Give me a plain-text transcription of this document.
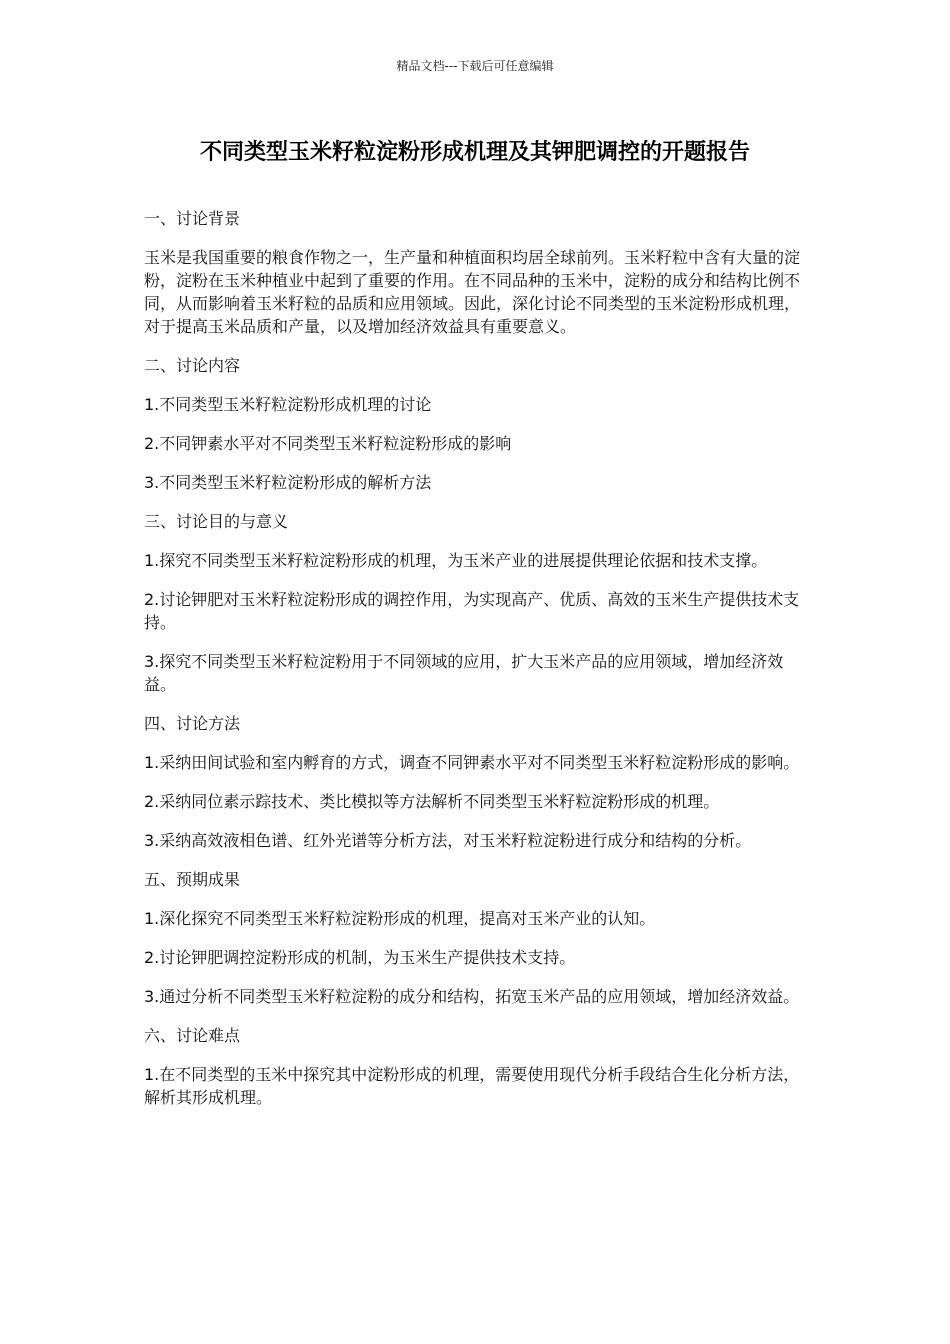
精品文档---下载后可任意编辑
不同类型玉米籽粒淀粉形成机理及其钾肥调控的开题报告

一、讨论背景

玉米是我国重要的粮食作物之一，生产量和种植面积均居全球前列。玉米籽粒中含有大量的淀粉，淀粉在玉米种植业中起到了重要的作用。在不同品种的玉米中，淀粉的成分和结构比例不同，从而影响着玉米籽粒的品质和应用领域。因此，深化讨论不同类型的玉米淀粉形成机理，对于提高玉米品质和产量，以及增加经济效益具有重要意义。

二、讨论内容

1.不同类型玉米籽粒淀粉形成机理的讨论

2.不同钾素水平对不同类型玉米籽粒淀粉形成的影响

3.不同类型玉米籽粒淀粉形成的解析方法

三、讨论目的与意义

1.探究不同类型玉米籽粒淀粉形成的机理，为玉米产业的进展提供理论依据和技术支撑。

2.讨论钾肥对玉米籽粒淀粉形成的调控作用，为实现高产、优质、高效的玉米生产提供技术支持。

3.探究不同类型玉米籽粒淀粉用于不同领域的应用，扩大玉米产品的应用领域，增加经济效益。

四、讨论方法

1.采纳田间试验和室内孵育的方式，调查不同钾素水平对不同类型玉米籽粒淀粉形成的影响。

2.采纳同位素示踪技术、类比模拟等方法解析不同类型玉米籽粒淀粉形成的机理。

3.采纳高效液相色谱、红外光谱等分析方法，对玉米籽粒淀粉进行成分和结构的分析。

五、预期成果

1.深化探究不同类型玉米籽粒淀粉形成的机理，提高对玉米产业的认知。

2.讨论钾肥调控淀粉形成的机制，为玉米生产提供技术支持。

3.通过分析不同类型玉米籽粒淀粉的成分和结构，拓宽玉米产品的应用领域，增加经济效益。

六、讨论难点

1.在不同类型的玉米中探究其中淀粉形成的机理，需要使用现代分析手段结合生化分析方法，解析其形成机理。
